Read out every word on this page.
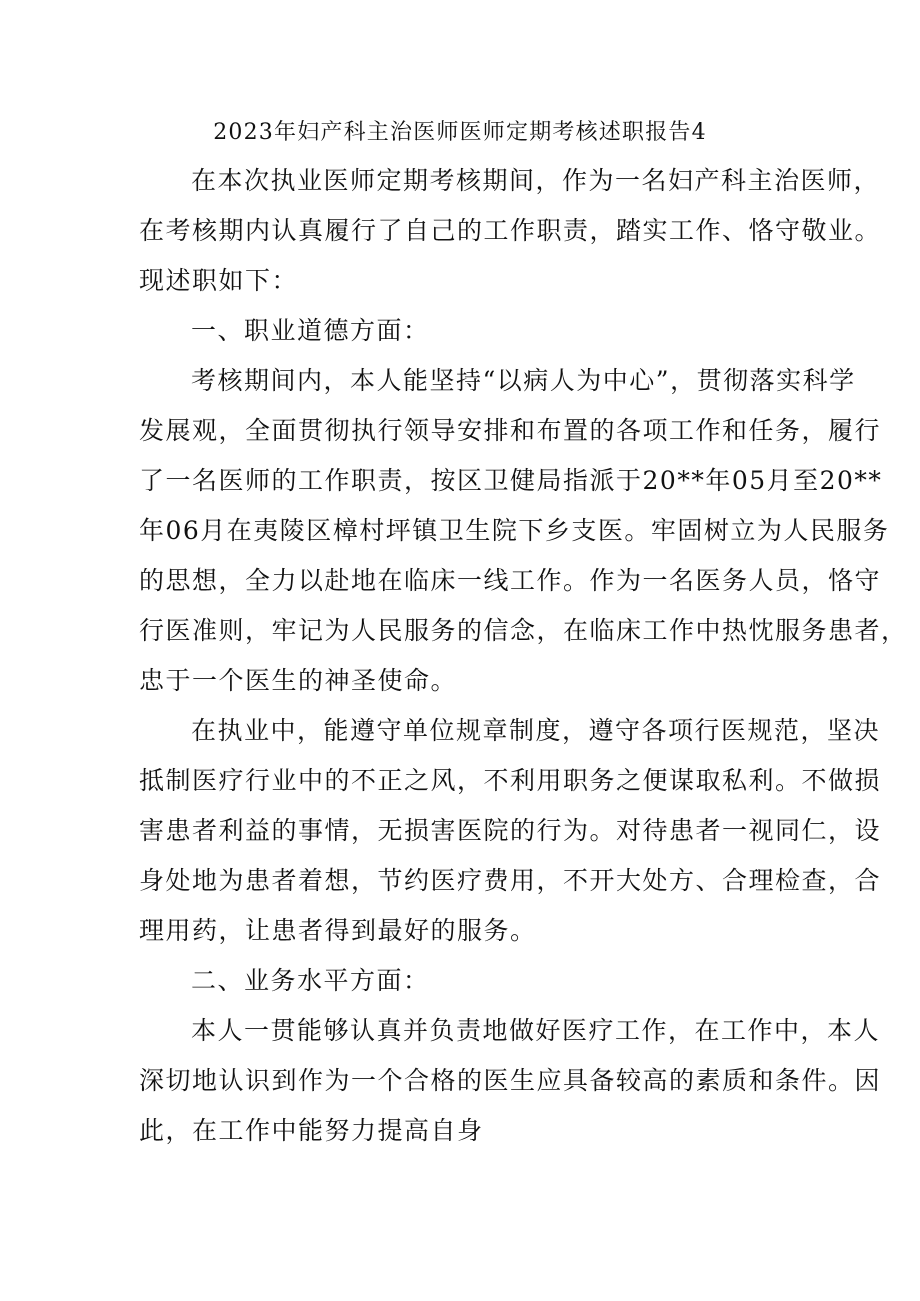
2023年妇产科主治医师医师定期考核述职报告4
在本次执业医师定期考核期间，作为一名妇产科主治医师，
在考核期内认真履行了自己的工作职责，踏实工作、恪守敬业。
现述职如下：
一、职业道德方面：
考核期间内，本人能坚持“以病人为中心”，贯彻落实科学
发展观，全面贯彻执行领导安排和布置的各项工作和任务，履行
了一名医师的工作职责，按区卫健局指派于20**年05月至20**
年06月在夷陵区樟村坪镇卫生院下乡支医。牢固树立为人民服务
的思想，全力以赴地在临床一线工作。作为一名医务人员，恪守
行医准则，牢记为人民服务的信念，在临床工作中热忱服务患者，
忠于一个医生的神圣使命。
在执业中，能遵守单位规章制度，遵守各项行医规范，坚决
抵制医疗行业中的不正之风，不利用职务之便谋取私利。不做损
害患者利益的事情，无损害医院的行为。对待患者一视同仁，设
身处地为患者着想，节约医疗费用，不开大处方、合理检查，合
理用药，让患者得到最好的服务。
二、业务水平方面：
本人一贯能够认真并负责地做好医疗工作，在工作中，本人
深切地认识到作为一个合格的医生应具备较高的素质和条件。因
此，在工作中能努力提高自身
